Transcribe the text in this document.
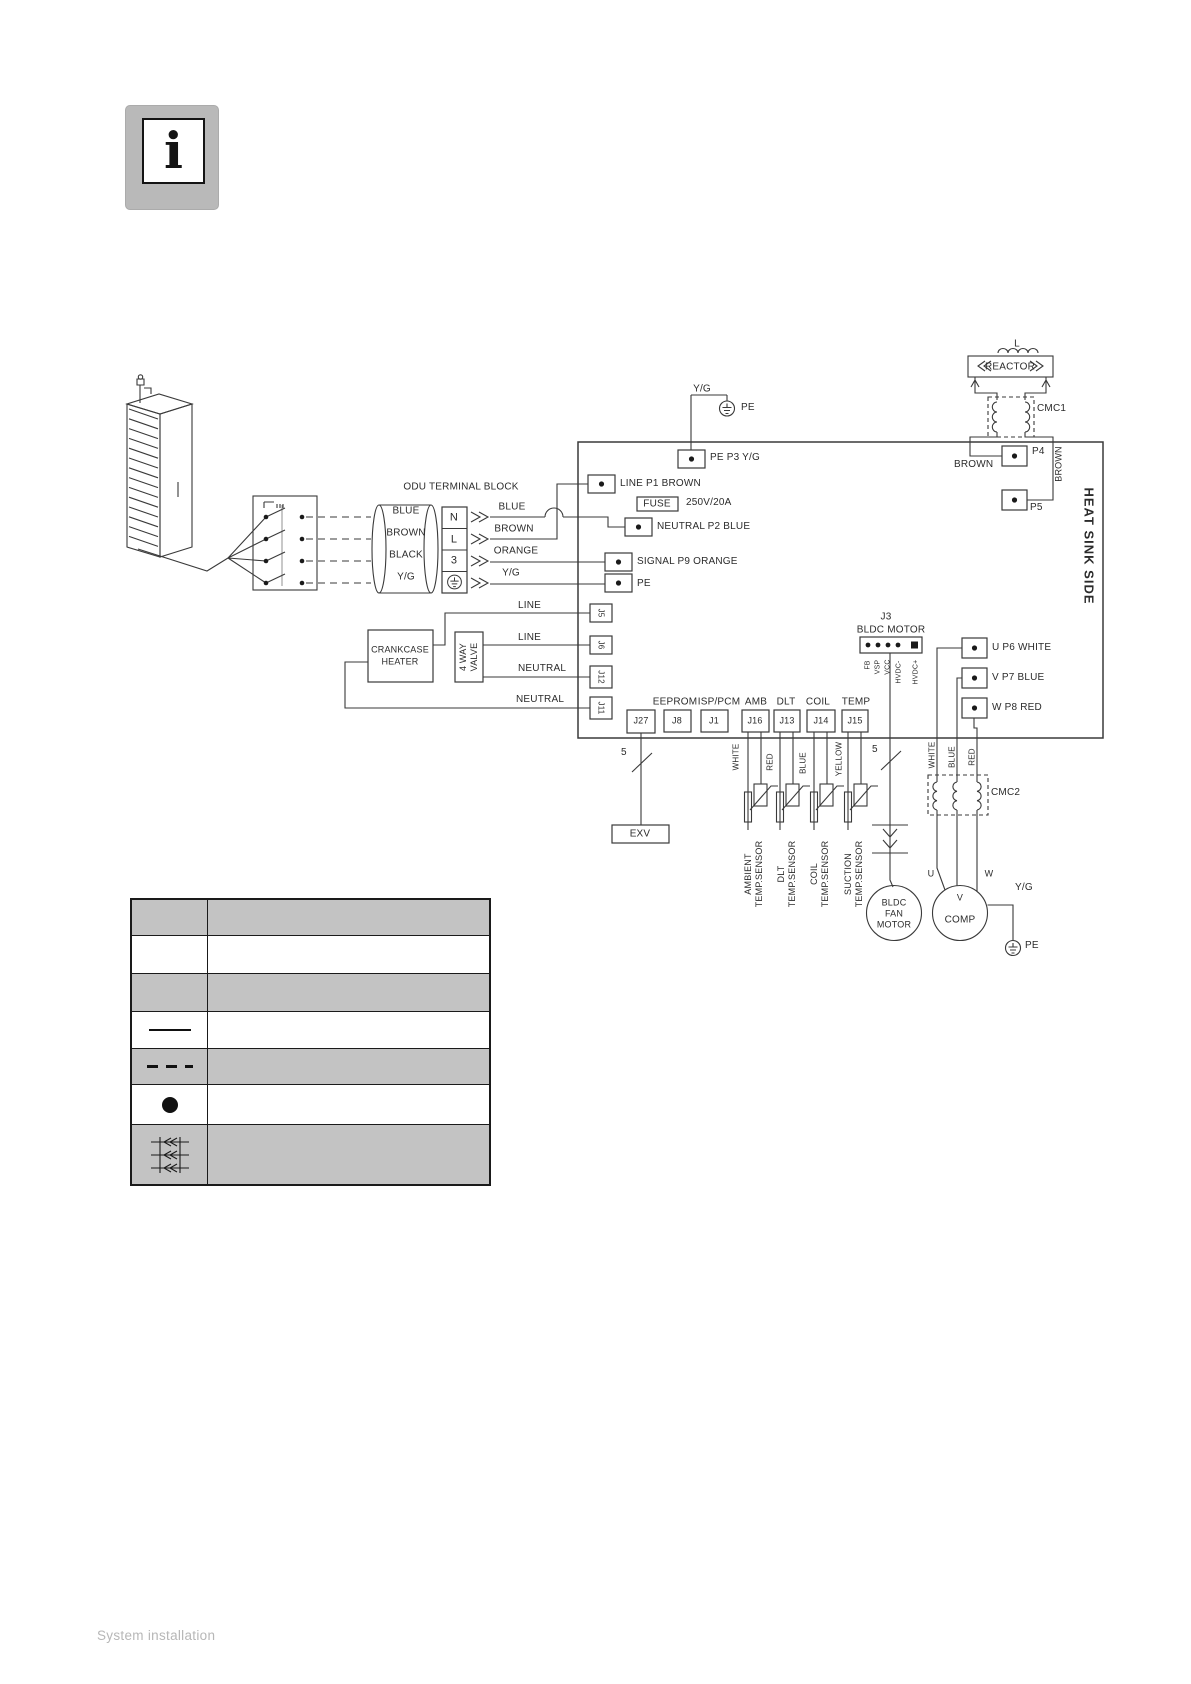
i
ODU TERMINAL BLOCK
BLUE
BROWN
BLACK
Y/G
N
L
3
BLUE
BROWN
ORANGE
Y/G
Y/G
PE
PE P3 Y/G
LINE P1 BROWN
FUSE 250V/20A
NEUTRAL P2 BLUE
SIGNAL P9 ORANGE
PE
J5
J6
J12
J11
LINE
LINE
NEUTRAL
NEUTRAL
CRANKCASE HEATER	4 WAY VALVE
EEPROM ISP/PCM AMB DLT COIL TEMP
J27	J8	J1	J16 J13 J14 J15
J3
BLDC MOTOR
FB VSP VCC HVDC- HVDC+
U P6 WHITE
V P7 BLUE
W P8 RED
L
REACTOR
CMC1
BROWN	BROWN
P4
P5	HEAT SINK SIDE
5
EXV
5
WHITE	RED	BLUE	YELLOW
AMBIENT TEMP.SENSOR DLT TEMP.SENSOR COIL TEMP.SENSOR SUCTION TEMP.SENSOR
WHITE BLUE RED
CMC2
BLDC
FAN
MOTOR	COMP
V
U	W
Y/G
PE
System installation
